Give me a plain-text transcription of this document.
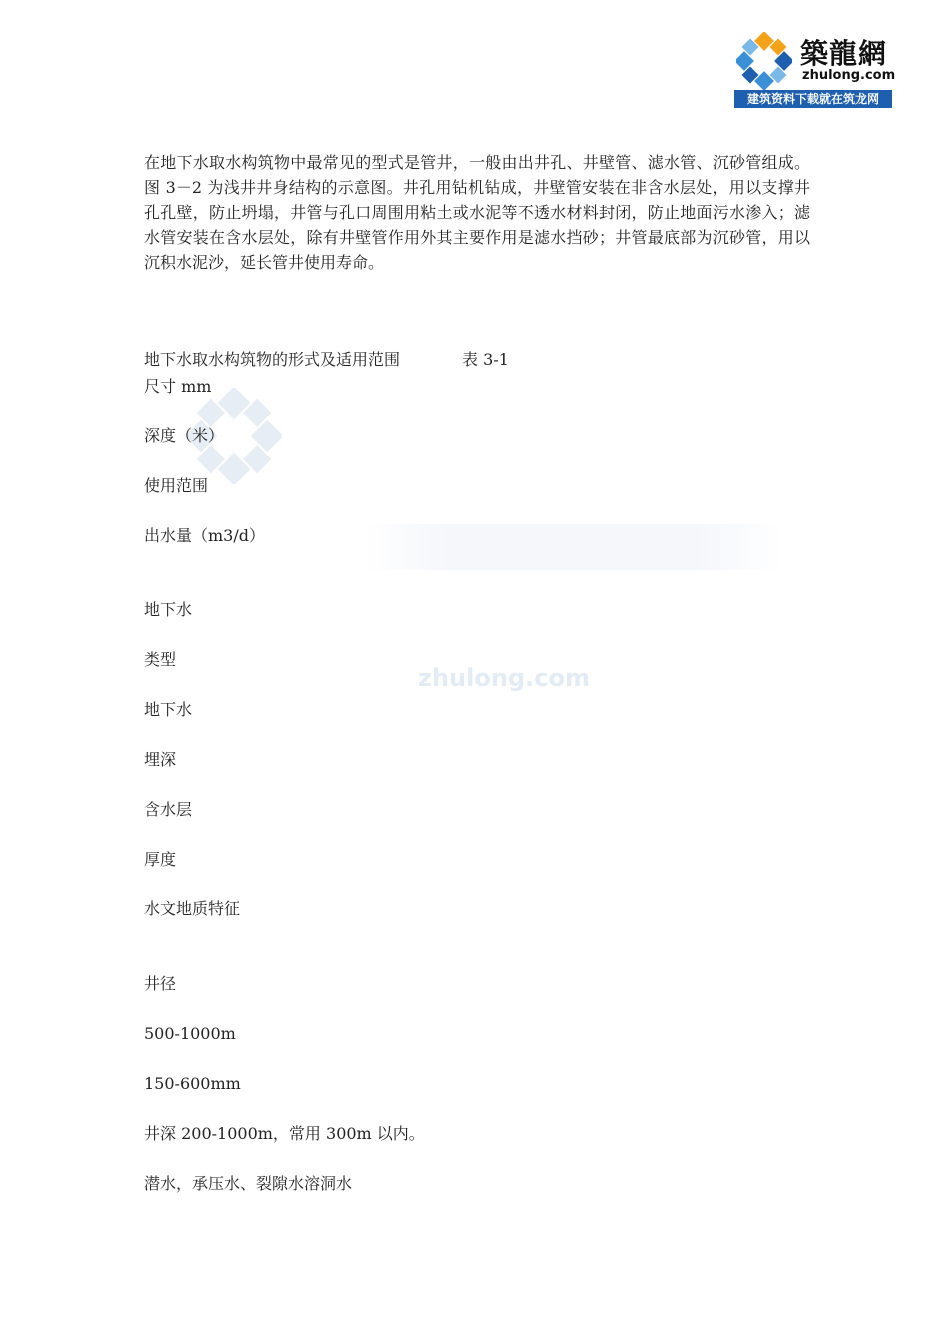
築龍網
zhulong.com
建筑资料下载就在筑龙网
zhulong.com

在地下水取水构筑物中最常见的型式是管井，一般由出井孔、井壁管、滤水管、沉砂管组成。图 3－2 为浅井井身结构的示意图。井孔用钻机钻成，井壁管安装在非含水层处，用以支撑井孔孔壁，防止坍塌，井管与孔口周围用粘土或水泥等不透水材料封闭，防止地面污水渗入；滤水管安装在含水层处，除有井壁管作用外其主要作用是滤水挡砂；井管最底部为沉砂管，用以沉积水泥沙，延长管井使用寿命。

地下水取水构筑物的形式及适用范围	表 3-1
尺寸 mm
深度（米）
使用范围
出水量（m3/d）
地下水
类型
地下水
埋深
含水层
厚度
水文地质特征
井径
500-1000m
150-600mm
井深 200-1000m，常用 300m 以内。
潜水，承压水、裂隙水溶洞水
